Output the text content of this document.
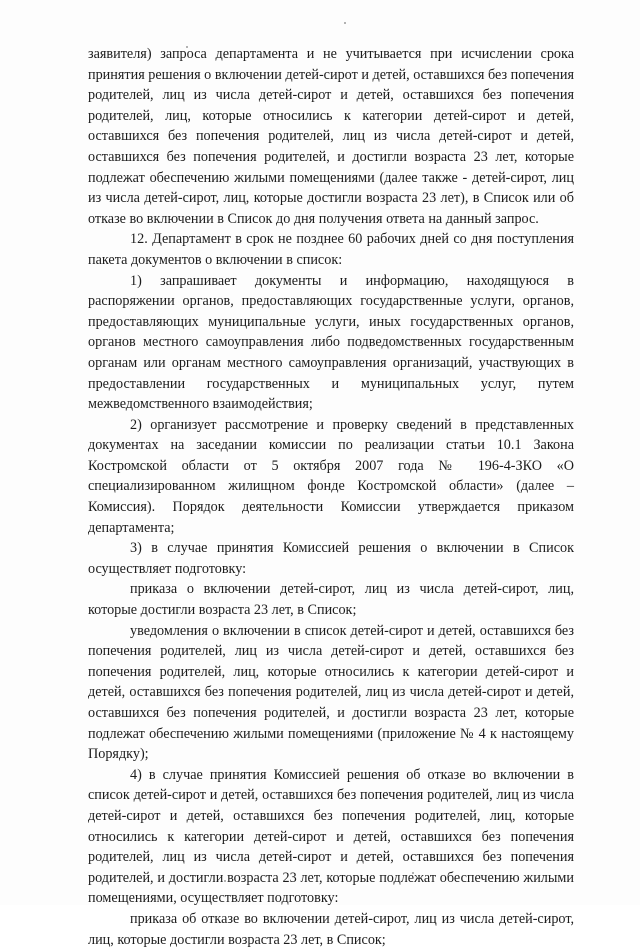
заявителя) запроса департамента и не учитывается при исчислении срока принятия решения о включении детей-сирот и детей, оставшихся без попечения родителей, лиц из числа детей-сирот и детей, оставшихся без попечения родителей, лиц, которые относились к категории детей-сирот и детей, оставшихся без попечения родителей, лиц из числа детей-сирот и детей, оставшихся без попечения родителей, и достигли возраста 23 лет, которые подлежат обеспечению жилыми помещениями (далее также - детей-сирот, лиц из числа детей-сирот, лиц, которые достигли возраста 23 лет), в Список или об отказе во включении в Список до дня получения ответа на данный запрос.

12. Департамент в срок не позднее 60 рабочих дней со дня поступления пакета документов о включении в список:

1) запрашивает документы и информацию, находящуюся в распоряжении органов, предоставляющих государственные услуги, органов, предоставляющих муниципальные услуги, иных государственных органов, органов местного самоуправления либо подведомственных государственным органам или органам местного самоуправления организаций, участвующих в предоставлении государственных и муниципальных услуг, путем межведомственного взаимодействия;

2) организует рассмотрение и проверку сведений в представленных документах на заседании комиссии по реализации статьи 10.1 Закона Костромской области от 5 октября 2007 года № 196-4-ЗКО «О специализированном жилищном фонде Костромской области» (далее – Комиссия). Порядок деятельности Комиссии утверждается приказом департамента;

3) в случае принятия Комиссией решения о включении в Список осуществляет подготовку:

приказа о включении детей-сирот, лиц из числа детей-сирот, лиц, которые достигли возраста 23 лет, в Список;

уведомления о включении в список детей-сирот и детей, оставшихся без попечения родителей, лиц из числа детей-сирот и детей, оставшихся без попечения родителей, лиц, которые относились к категории детей-сирот и детей, оставшихся без попечения родителей, лиц из числа детей-сирот и детей, оставшихся без попечения родителей, и достигли возраста 23 лет, которые подлежат обеспечению жилыми помещениями (приложение № 4 к настоящему Порядку);

4) в случае принятия Комиссией решения об отказе во включении в список детей-сирот и детей, оставшихся без попечения родителей, лиц из числа детей-сирот и детей, оставшихся без попечения родителей, лиц, которые относились к категории детей-сирот и детей, оставшихся без попечения родителей, лиц из числа детей-сирот и детей, оставшихся без попечения родителей, и достигли возраста 23 лет, которые подлежат обеспечению жилыми помещениями, осуществляет подготовку:

приказа об отказе во включении детей-сирот, лиц из числа детей-сирот, лиц, которые достигли возраста 23 лет, в Список;
